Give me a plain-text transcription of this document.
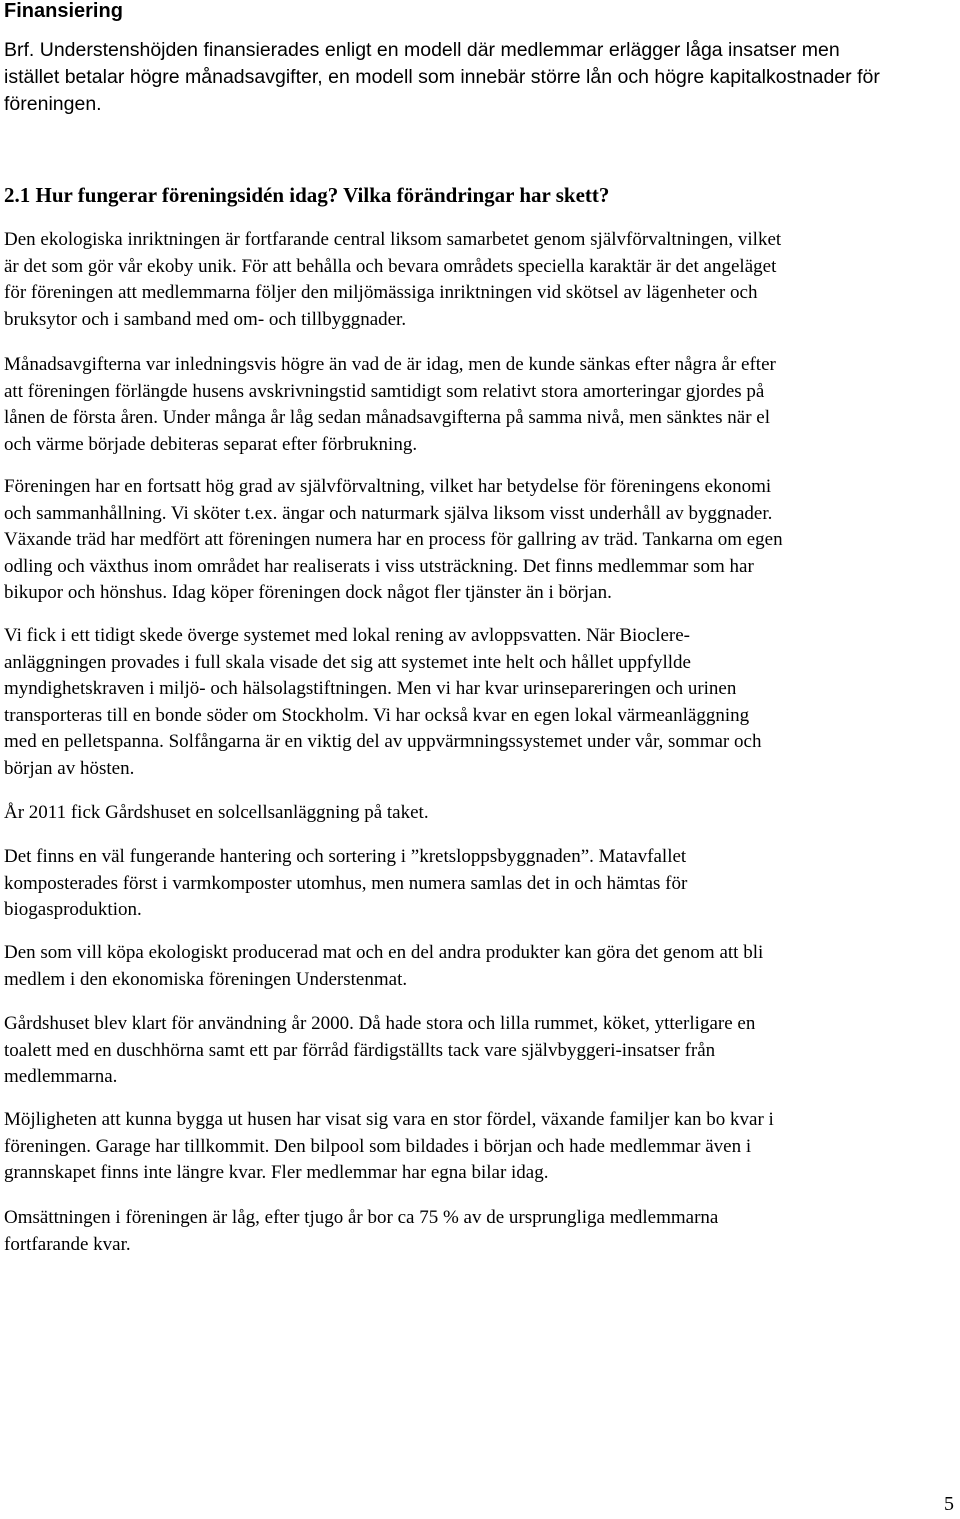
Finansiering

Brf. Understenshöjden finansierades enligt en modell där medlemmar erlägger låga insatser men
istället betalar högre månadsavgifter, en modell som innebär större lån och högre kapitalkostnader för
föreningen.

2.1 Hur fungerar föreningsidén idag? Vilka förändringar har skett?

Den ekologiska inriktningen är fortfarande central liksom samarbetet genom självförvaltningen, vilket
är det som gör vår ekoby unik. För att behålla och bevara områdets speciella karaktär är det angeläget
för föreningen att medlemmarna följer den miljömässiga inriktningen vid skötsel av lägenheter och
bruksytor och i samband med om- och tillbyggnader.

Månadsavgifterna var inledningsvis högre än vad de är idag, men de kunde sänkas efter några år efter
att föreningen förlängde husens avskrivningstid samtidigt som relativt stora amorteringar gjordes på
lånen de första åren. Under många år låg sedan månadsavgifterna på samma nivå, men sänktes när el
och värme började debiteras separat efter förbrukning.

Föreningen har en fortsatt hög grad av självförvaltning, vilket har betydelse för föreningens ekonomi
och sammanhållning. Vi sköter t.ex. ängar och naturmark själva liksom visst underhåll av byggnader.
Växande träd har medfört att föreningen numera har en process för gallring av träd. Tankarna om egen
odling och växthus inom området har realiserats i viss utsträckning. Det finns medlemmar som har
bikupor och hönshus. Idag köper föreningen dock något fler tjänster än i början.

Vi fick i ett tidigt skede överge systemet med lokal rening av avloppsvatten. När Bioclere-
anläggningen provades i full skala visade det sig att systemet inte helt och hållet uppfyllde
myndighetskraven i miljö- och hälsolagstiftningen. Men vi har kvar urinsepareringen och urinen
transporteras till en bonde söder om Stockholm. Vi har också kvar en egen lokal värmeanläggning
med en pelletspanna. Solfångarna är en viktig del av uppvärmningssystemet under vår, sommar och
början av hösten.

År 2011 fick Gårdshuset en solcellsanläggning på taket.

Det finns en väl fungerande hantering och sortering i ”kretsloppsbyggnaden”. Matavfallet
komposterades först i varmkomposter utomhus, men numera samlas det in och hämtas för
biogasproduktion.

Den som vill köpa ekologiskt producerad mat och en del andra produkter kan göra det genom att bli
medlem i den ekonomiska föreningen Understenmat.

Gårdshuset blev klart för användning år 2000. Då hade stora och lilla rummet, köket, ytterligare en
toalett med en duschhörna samt ett par förråd färdigställts tack vare självbyggeri-insatser från
medlemmarna.

Möjligheten att kunna bygga ut husen har visat sig vara en stor fördel, växande familjer kan bo kvar i
föreningen. Garage har tillkommit. Den bilpool som bildades i början och hade medlemmar även i
grannskapet finns inte längre kvar. Fler medlemmar har egna bilar idag.

Omsättningen i föreningen är låg, efter tjugo år bor ca 75 % av de ursprungliga medlemmarna
fortfarande kvar.

5
